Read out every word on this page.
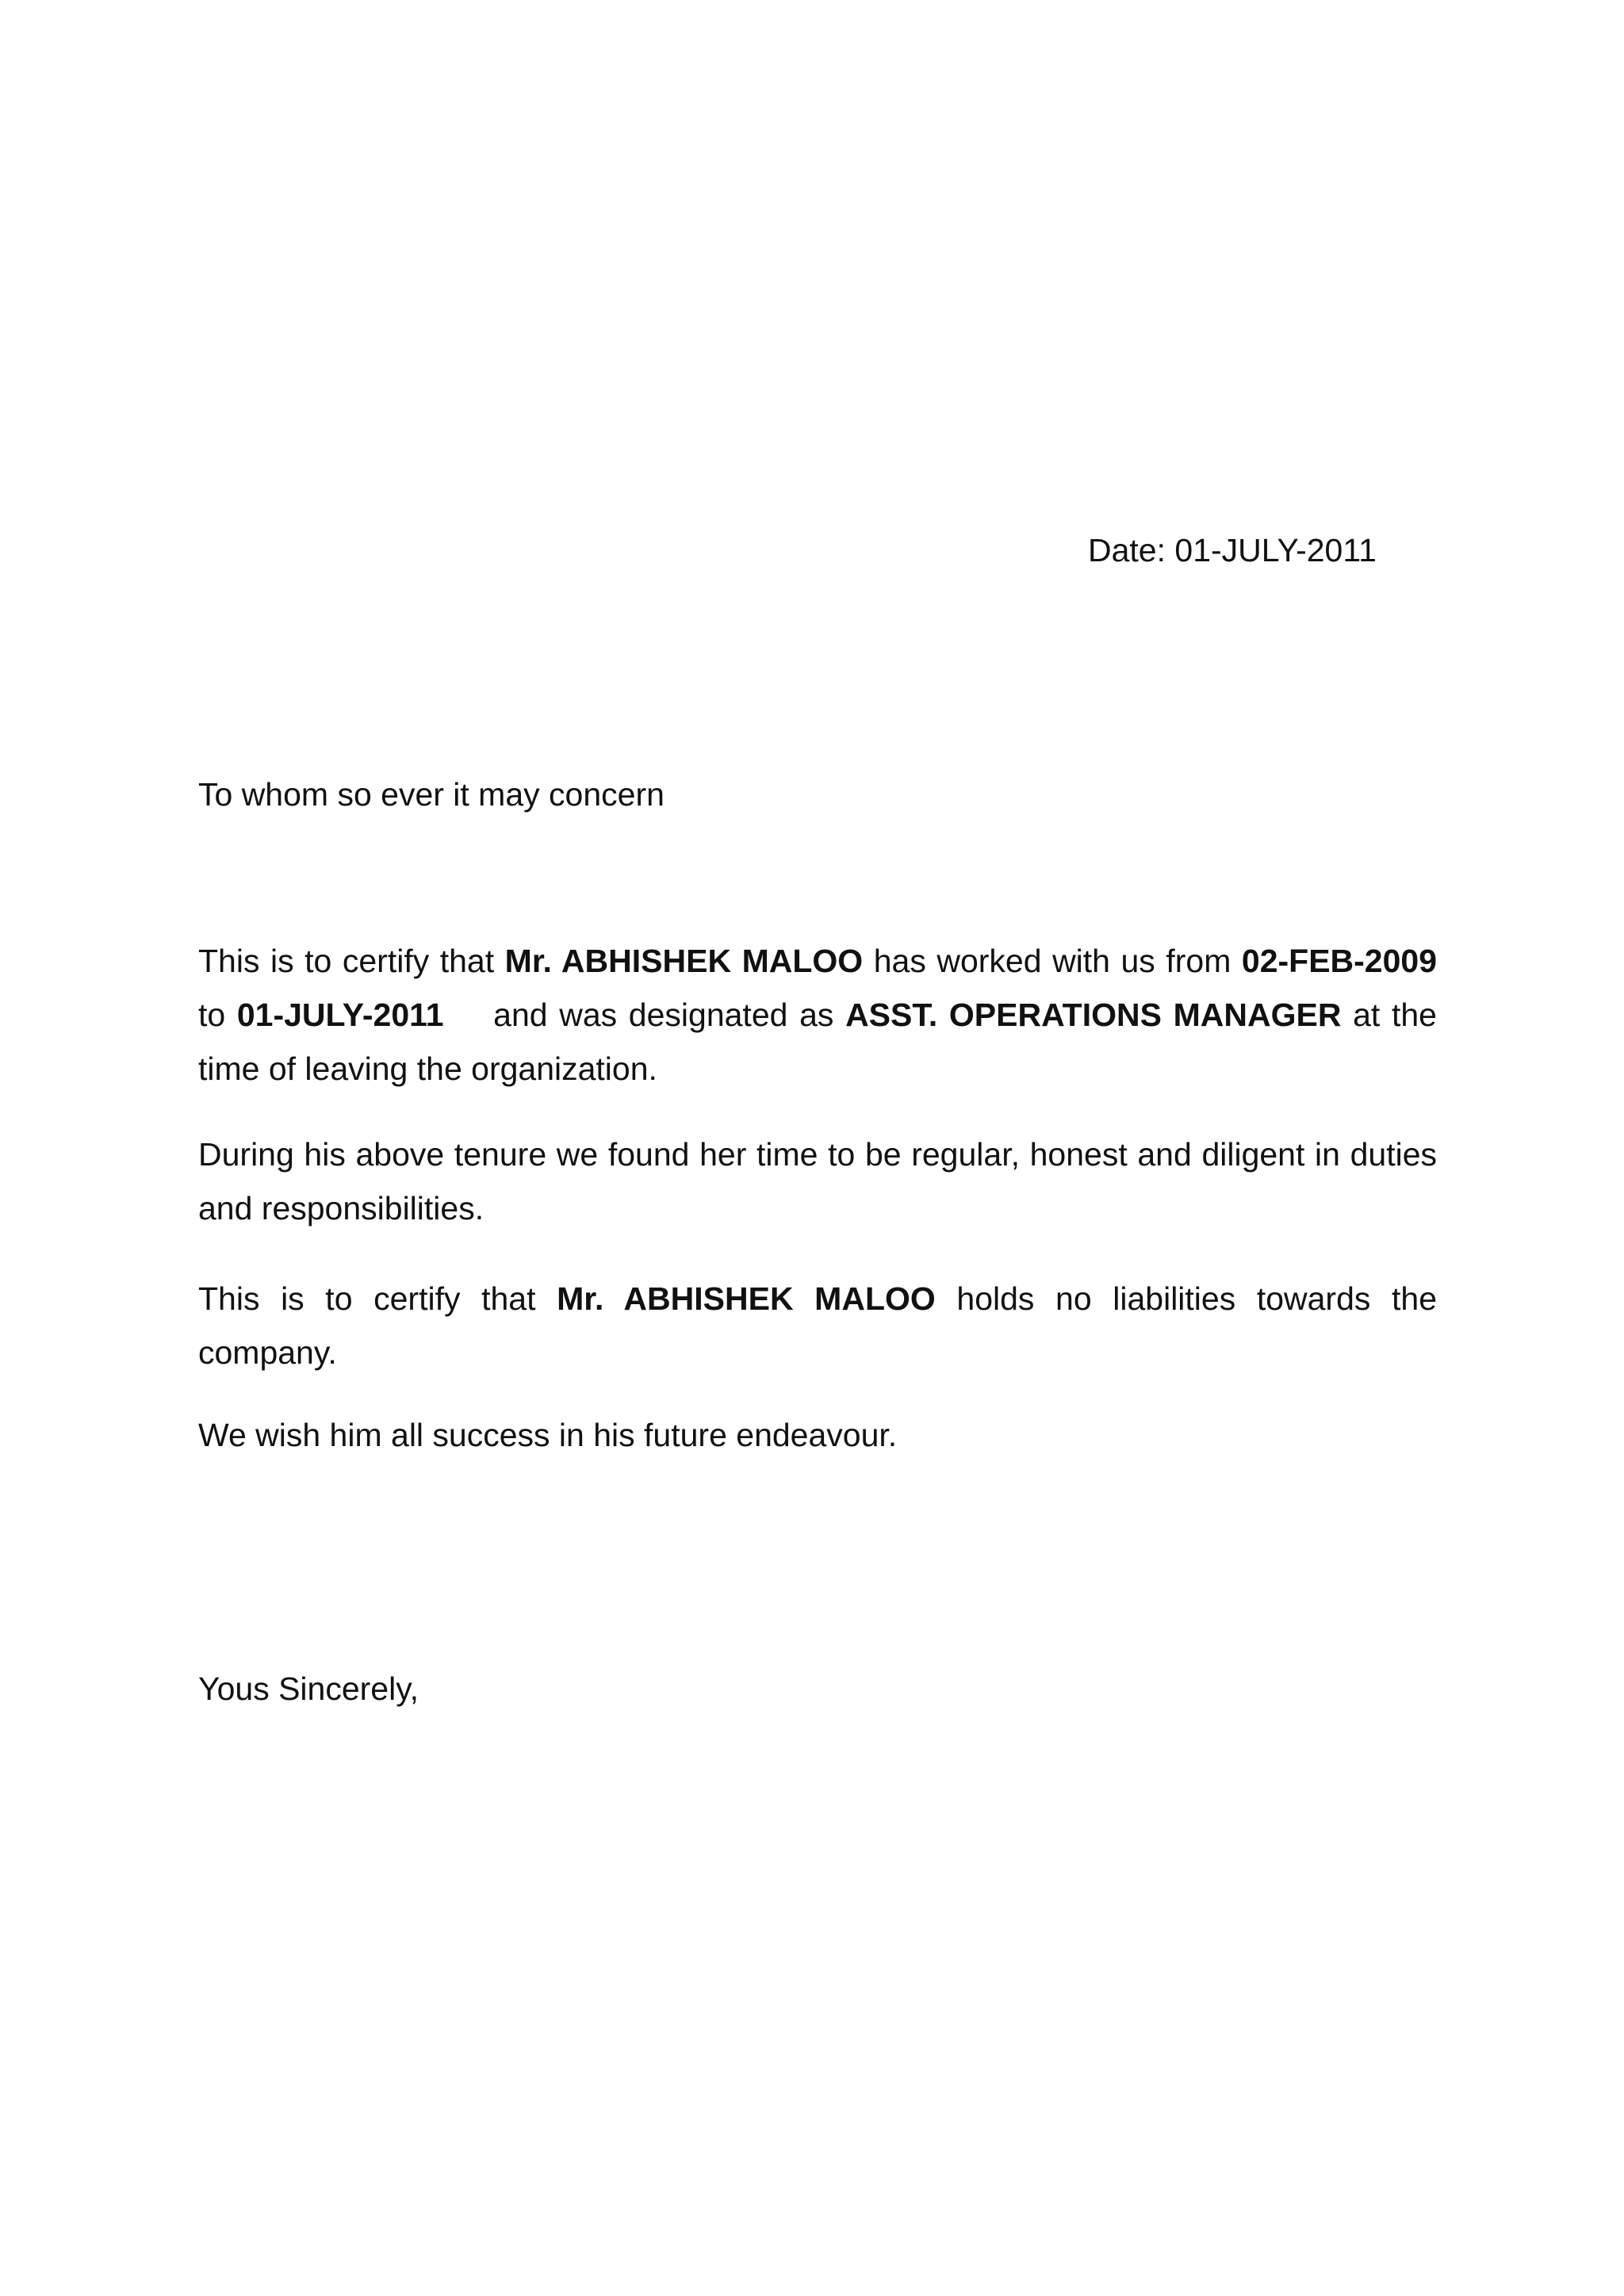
Date: 01-JULY-2011
To whom so ever it may concern

This is to certify that Mr. ABHISHEK MALOO has worked with us from 02-FEB-2009 to 01-JULY-2011 and was designated as ASST. OPERATIONS MANAGER at the time of leaving the organization.

During his above tenure we found her time to be regular, honest and diligent in duties and responsibilities.

This is to certify that Mr. ABHISHEK MALOO holds no liabilities towards the company.

We wish him all success in his future endeavour.

Yous Sincerely,
